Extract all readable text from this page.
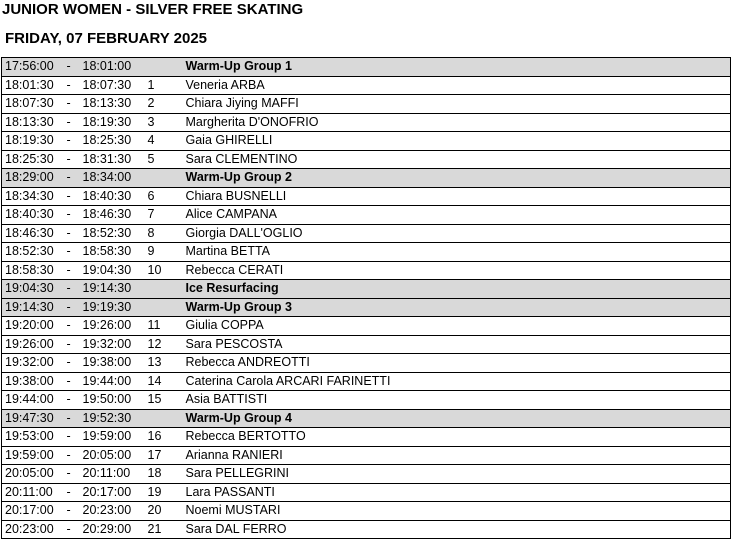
JUNIOR WOMEN - SILVER FREE SKATING
FRIDAY, 07 FEBRUARY 2025
17:56:00	-	18:01:00		Warm-Up Group 1
18:01:30	-	18:07:30	1	Veneria ARBA
18:07:30	-	18:13:30	2	Chiara Jiying MAFFI
18:13:30	-	18:19:30	3	Margherita D'ONOFRIO
18:19:30	-	18:25:30	4	Gaia GHIRELLI
18:25:30	-	18:31:30	5	Sara CLEMENTINO
18:29:00	-	18:34:00		Warm-Up Group 2
18:34:30	-	18:40:30	6	Chiara BUSNELLI
18:40:30	-	18:46:30	7	Alice CAMPANA
18:46:30	-	18:52:30	8	Giorgia DALL'OGLIO
18:52:30	-	18:58:30	9	Martina BETTA
18:58:30	-	19:04:30	10	Rebecca CERATI
19:04:30	-	19:14:30		Ice Resurfacing
19:14:30	-	19:19:30		Warm-Up Group 3
19:20:00	-	19:26:00	11	Giulia COPPA
19:26:00	-	19:32:00	12	Sara PESCOSTA
19:32:00	-	19:38:00	13	Rebecca ANDREOTTI
19:38:00	-	19:44:00	14	Caterina Carola ARCARI FARINETTI
19:44:00	-	19:50:00	15	Asia BATTISTI
19:47:30	-	19:52:30		Warm-Up Group 4
19:53:00	-	19:59:00	16	Rebecca BERTOTTO
19:59:00	-	20:05:00	17	Arianna RANIERI
20:05:00	-	20:11:00	18	Sara PELLEGRINI
20:11:00	-	20:17:00	19	Lara PASSANTI
20:17:00	-	20:23:00	20	Noemi MUSTARI
20:23:00	-	20:29:00	21	Sara DAL FERRO
